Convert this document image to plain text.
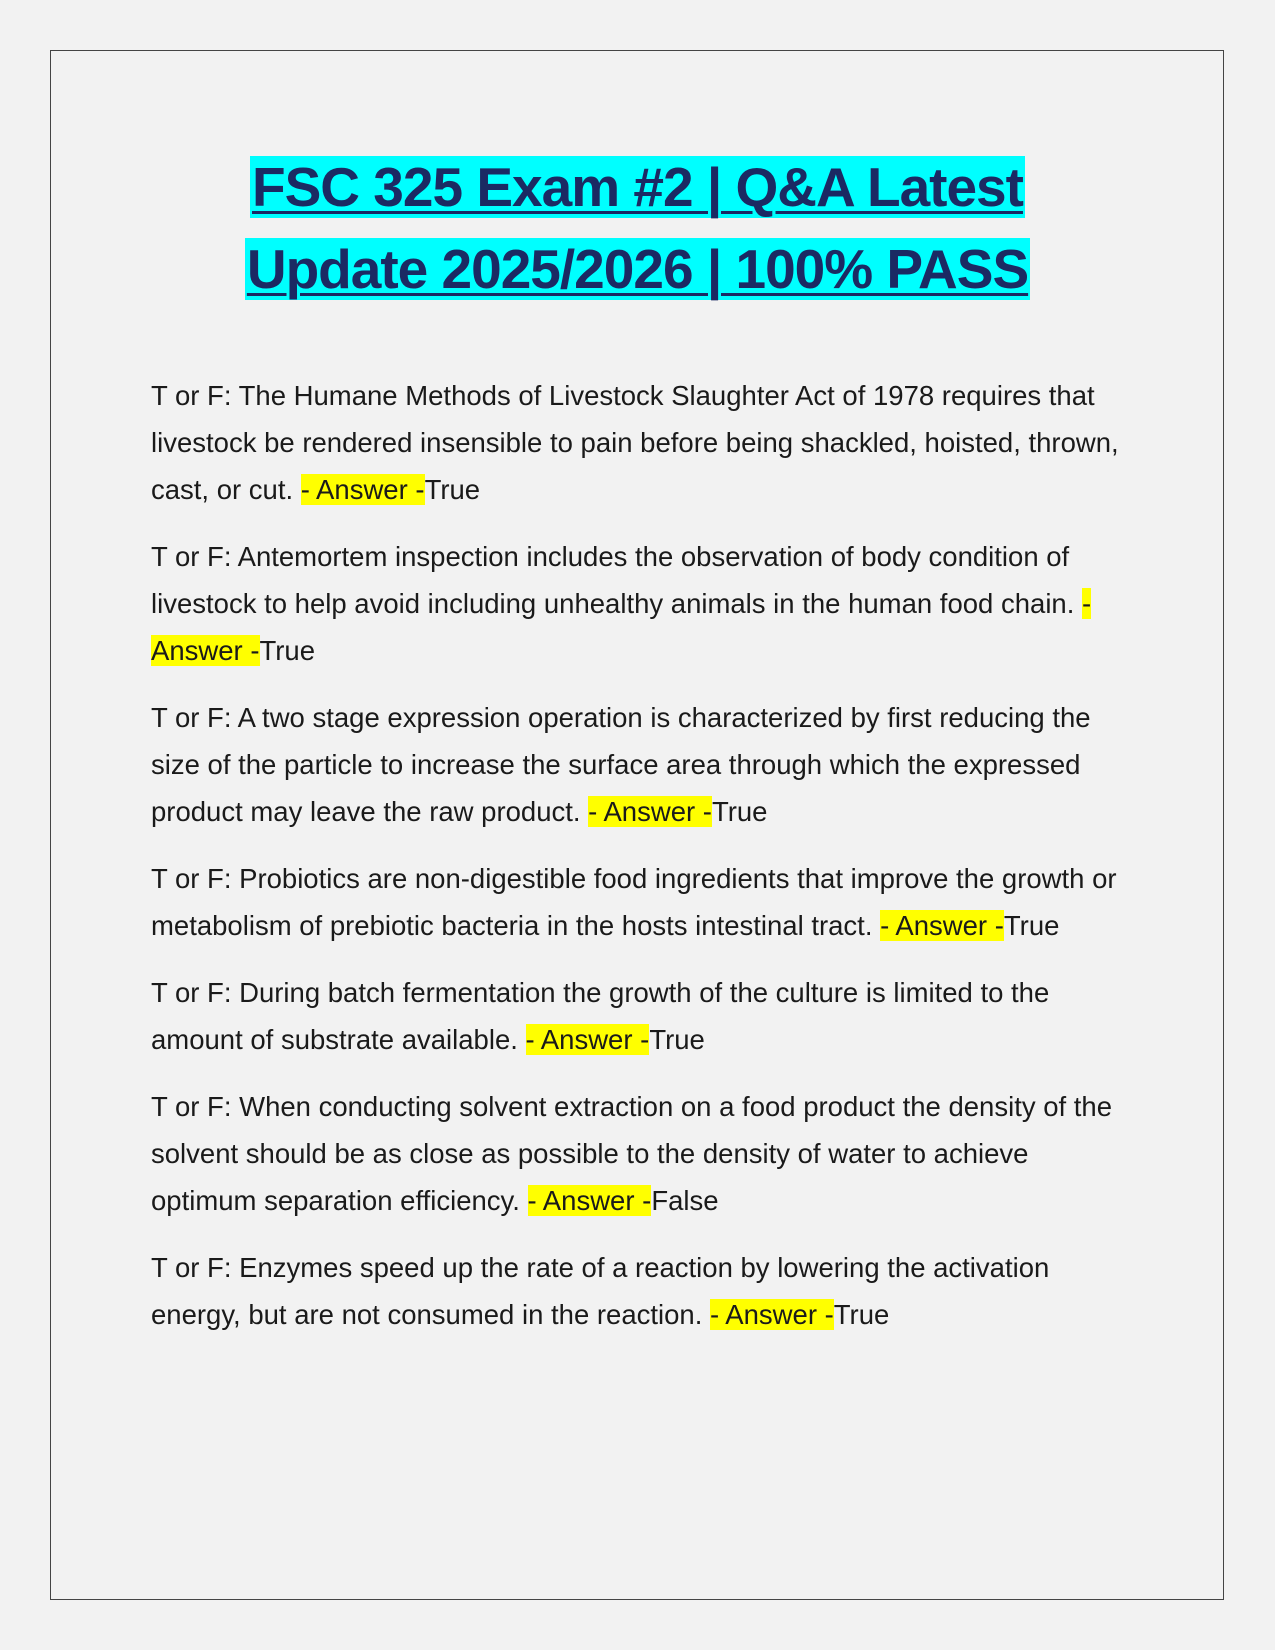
FSC 325 Exam #2 | Q&A Latest
Update 2025/2026 | 100% PASS

T or F: The Humane Methods of Livestock Slaughter Act of 1978 requires that livestock be rendered insensible to pain before being shackled, hoisted, thrown, cast, or cut. - Answer -True

T or F: Antemortem inspection includes the observation of body condition of livestock to help avoid including unhealthy animals in the human food chain. - Answer -True

T or F: A two stage expression operation is characterized by first reducing the size of the particle to increase the surface area through which the expressed product may leave the raw product. - Answer -True

T or F: Probiotics are non-digestible food ingredients that improve the growth or metabolism of prebiotic bacteria in the hosts intestinal tract. - Answer -True

T or F: During batch fermentation the growth of the culture is limited to the amount of substrate available. - Answer -True

T or F: When conducting solvent extraction on a food product the density of the solvent should be as close as possible to the density of water to achieve optimum separation efficiency. - Answer -False

T or F: Enzymes speed up the rate of a reaction by lowering the activation energy, but are not consumed in the reaction. - Answer -True
